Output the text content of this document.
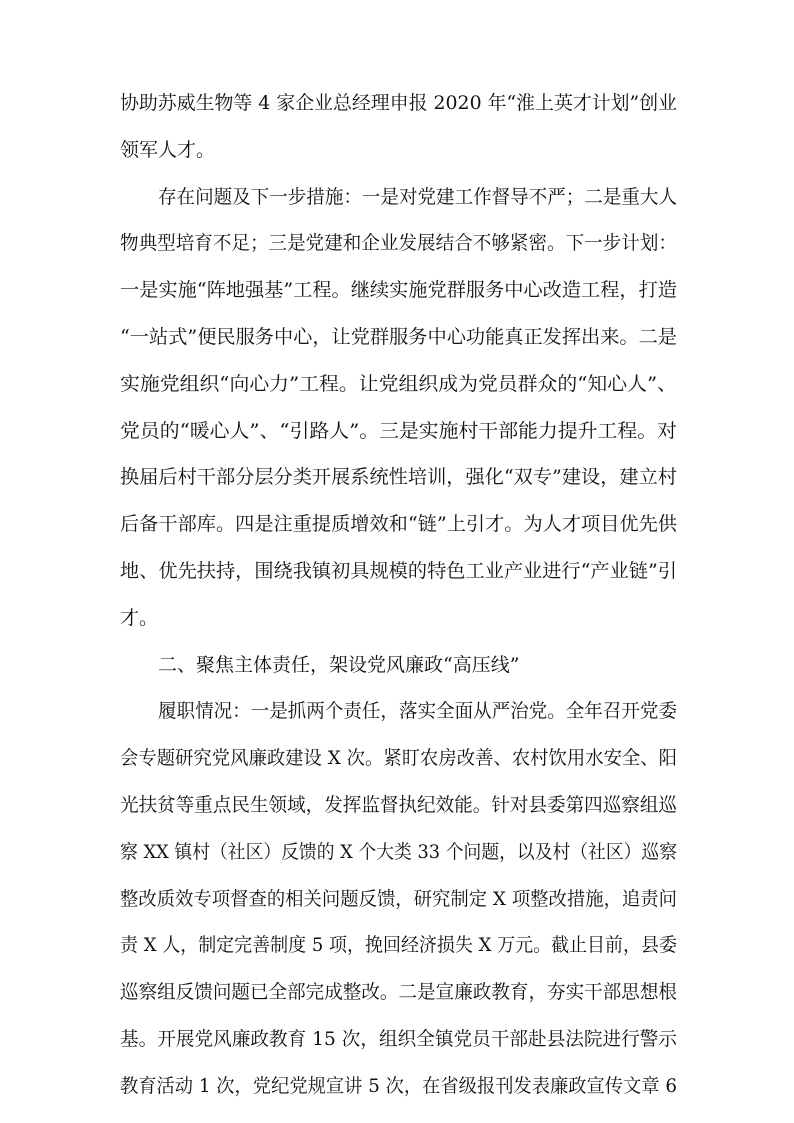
协助苏威生物等 4 家企业总经理申报 2020 年“淮上英才计划”创业
领军人才。
存在问题及下一步措施：一是对党建工作督导不严；二是重大人
物典型培育不足；三是党建和企业发展结合不够紧密。下一步计划：
一是实施“阵地强基”工程。继续实施党群服务中心改造工程，打造
“一站式”便民服务中心，让党群服务中心功能真正发挥出来。二是
实施党组织“向心力”工程。让党组织成为党员群众的“知心人”、
党员的“暖心人”、“引路人”。三是实施村干部能力提升工程。对
换届后村干部分层分类开展系统性培训，强化“双专”建设，建立村
后备干部库。四是注重提质增效和“链”上引才。为人才项目优先供
地、优先扶持，围绕我镇初具规模的特色工业产业进行“产业链”引
才。
二、聚焦主体责任，架设党风廉政“高压线”
履职情况：一是抓两个责任，落实全面从严治党。全年召开党委
会专题研究党风廉政建设 X 次。紧盯农房改善、农村饮用水安全、阳
光扶贫等重点民生领域，发挥监督执纪效能。针对县委第四巡察组巡
察 XX 镇村（社区）反馈的 X 个大类 33 个问题，以及村（社区）巡察
整改质效专项督查的相关问题反馈，研究制定 X 项整改措施，追责问
责 X 人，制定完善制度 5 项，挽回经济损失 X 万元。截止目前，县委
巡察组反馈问题已全部完成整改。二是宣廉政教育，夯实干部思想根
基。开展党风廉政教育 15 次，组织全镇党员干部赴县法院进行警示
教育活动 1 次，党纪党规宣讲 5 次，在省级报刊发表廉政宣传文章 6
